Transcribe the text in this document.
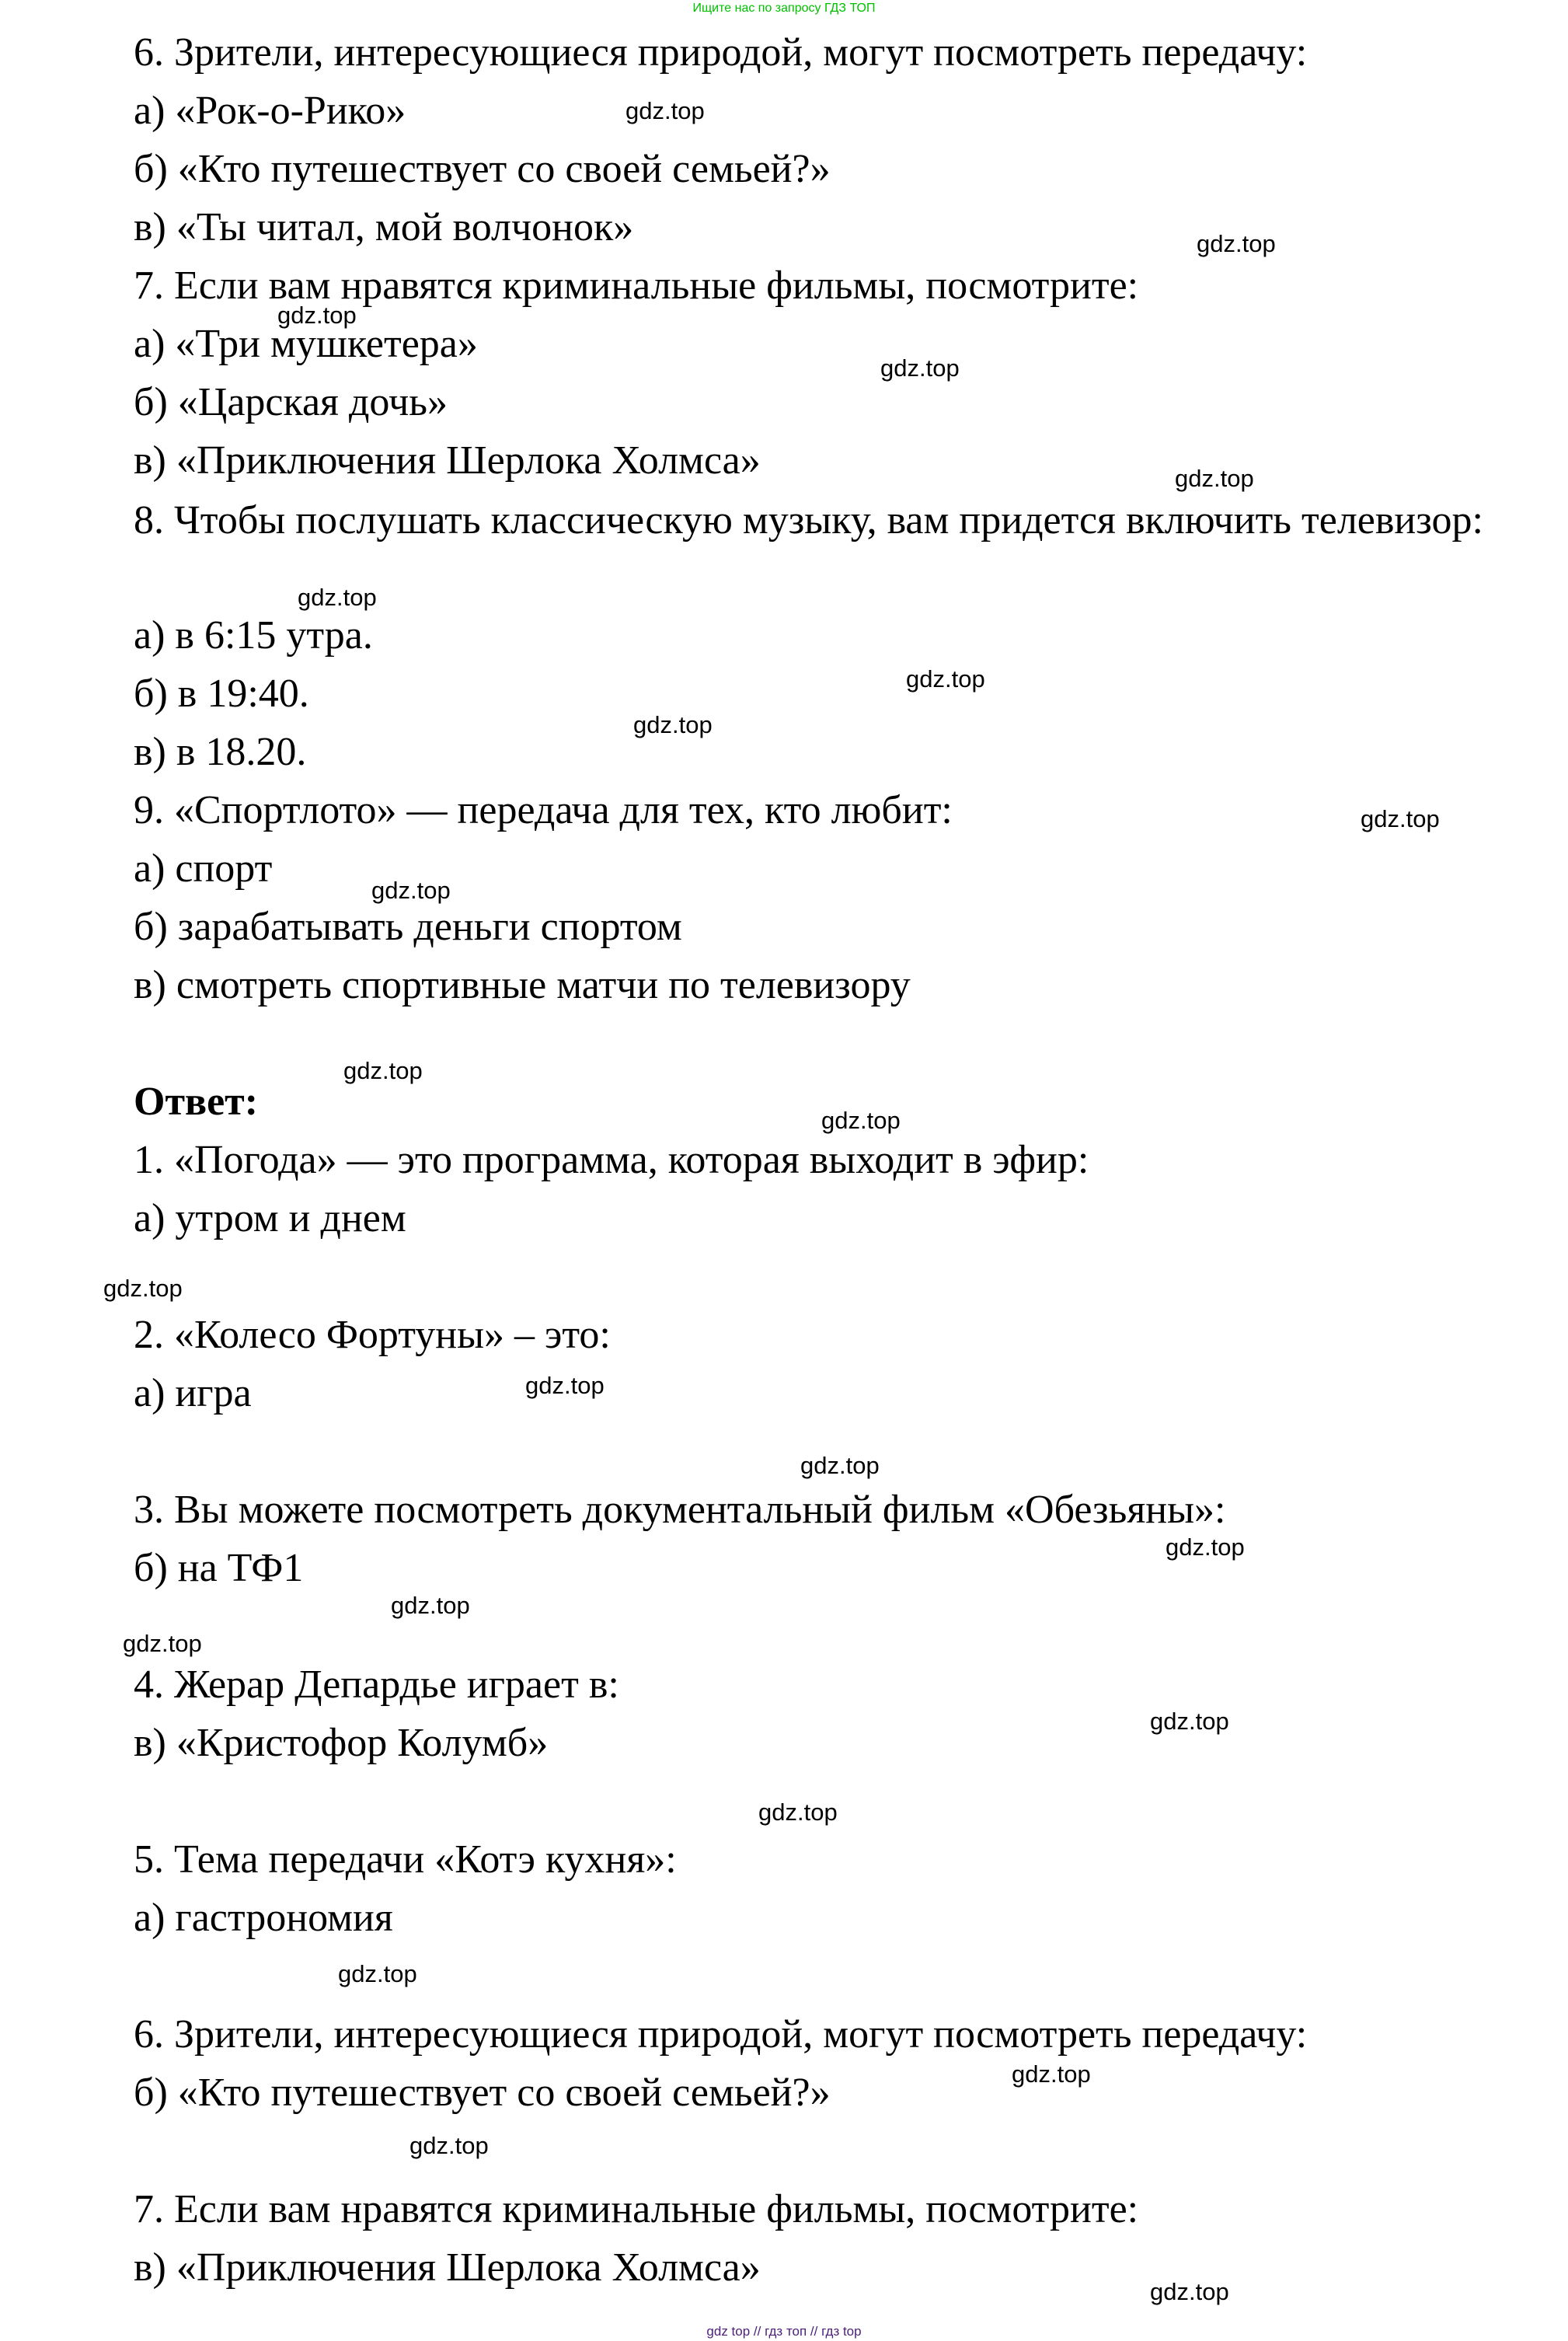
Ищите нас по запросу ГДЗ ТОП
6. Зрители, интересующиеся природой, могут посмотреть передачу:
а) «Рок-о-Рико»
б) «Кто путешествует со своей семьей?»
в) «Ты читал, мой волчонок»
7. Если вам нравятся криминальные фильмы, посмотрите:
а) «Три мушкетера»
б) «Царская дочь»
в) «Приключения Шерлока Холмса»
8. Чтобы послушать классическую музыку, вам придется включить телевизор:
а) в 6:15 утра.
б) в 19:40.
в) в 18.20.
9. «Спортлото» — передача для тех, кто любит:
а) спорт
б) зарабатывать деньги спортом
в) смотреть спортивные матчи по телевизору
Ответ:
1. «Погода» — это программа, которая выходит в эфир:
а) утром и днем
2. «Колесо Фортуны» – это:
а) игра
3. Вы можете посмотреть документальный фильм «Обезьяны»:
б) на ТФ1
4. Жерар Депардье играет в:
в) «Кристофор Колумб»
5. Тема передачи «Котэ кухня»:
а) гастрономия
6. Зрители, интересующиеся природой, могут посмотреть передачу:
б) «Кто путешествует со своей семьей?»
7. Если вам нравятся криминальные фильмы, посмотрите:
в) «Приключения Шерлока Холмса»
gdz.top
gdz.top
gdz.top
gdz.top
gdz.top
gdz.top
gdz.top
gdz.top
gdz.top
gdz.top
gdz.top
gdz.top
gdz.top
gdz.top
gdz.top
gdz.top
gdz.top
gdz.top
gdz.top
gdz.top
gdz.top
gdz.top
gdz.top
gdz.top
gdz top // гдз топ // гдз top
